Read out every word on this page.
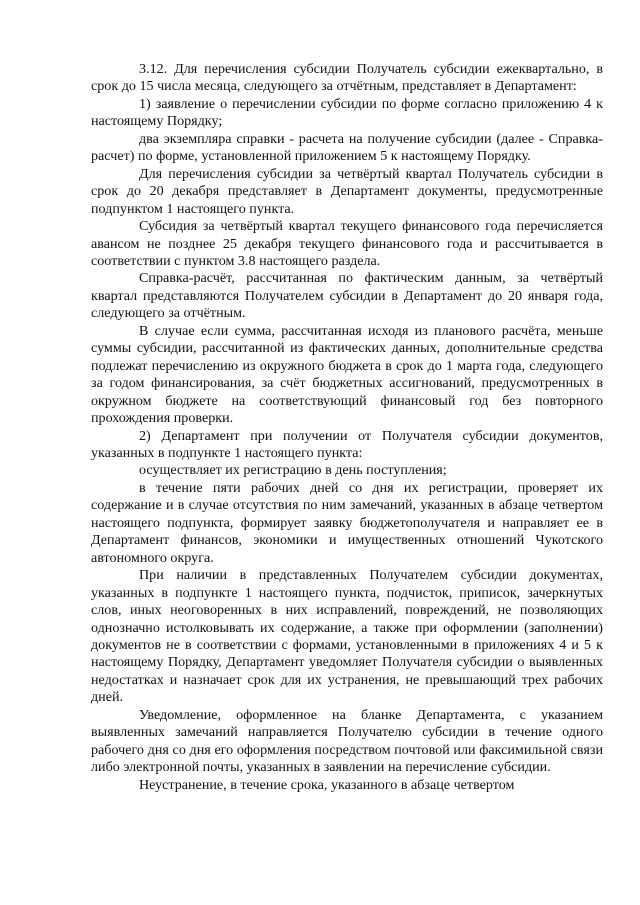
3.12. Для перечисления субсидии Получатель субсидии ежеквартально, в срок до 15 числа месяца, следующего за отчётным, представляет в Департамент:

1) заявление о перечислении субсидии по форме согласно приложению 4 к настоящему Порядку;

два экземпляра справки - расчета на получение субсидии (далее - Справка-расчет) по форме, установленной приложением 5 к настоящему Порядку.

Для перечисления субсидии за четвёртый квартал Получатель субсидии в срок до 20 декабря представляет в Департамент документы, предусмотренные подпунктом 1 настоящего пункта.

Субсидия за четвёртый квартал текущего финансового года перечисляется авансом не позднее 25 декабря текущего финансового года и рассчитывается в соответствии с пунктом 3.8 настоящего раздела.

Справка-расчёт, рассчитанная по фактическим данным, за четвёртый квартал представляются Получателем субсидии в Департамент до 20 января года, следующего за отчётным.

В случае если сумма, рассчитанная исходя из планового расчёта, меньше суммы субсидии, рассчитанной из фактических данных, дополнительные средства подлежат перечислению из окружного бюджета в срок до 1 марта года, следующего за годом финансирования, за счёт бюджетных ассигнований, предусмотренных в окружном бюджете на соответствующий финансовый год без повторного прохождения проверки.

2) Департамент при получении от Получателя субсидии документов, указанных в подпункте 1 настоящего пункта:

осуществляет их регистрацию в день поступления;

в течение пяти рабочих дней со дня их регистрации, проверяет их содержание и в случае отсутствия по ним замечаний, указанных в абзаце четвертом настоящего подпункта, формирует заявку бюджетополучателя и направляет ее в Департамент финансов, экономики и имущественных отношений Чукотского автономного округа.

При наличии в представленных Получателем субсидии документах, указанных в подпункте 1 настоящего пункта, подчисток, приписок, зачеркнутых слов, иных неоговоренных в них исправлений, повреждений, не позволяющих однозначно истолковывать их содержание, а также при оформлении (заполнении) документов не в соответствии с формами, установленными в приложениях 4 и 5 к настоящему Порядку, Департамент уведомляет Получателя субсидии о выявленных недостатках и назначает срок для их устранения, не превышающий трех рабочих дней.

Уведомление, оформленное на бланке Департамента, с указанием выявленных замечаний направляется Получателю субсидии в течение одного рабочего дня со дня его оформления посредством почтовой или факсимильной связи либо электронной почты, указанных в заявлении на перечисление субсидии.

Неустранение, в течение срока, указанного в абзаце четвертом
